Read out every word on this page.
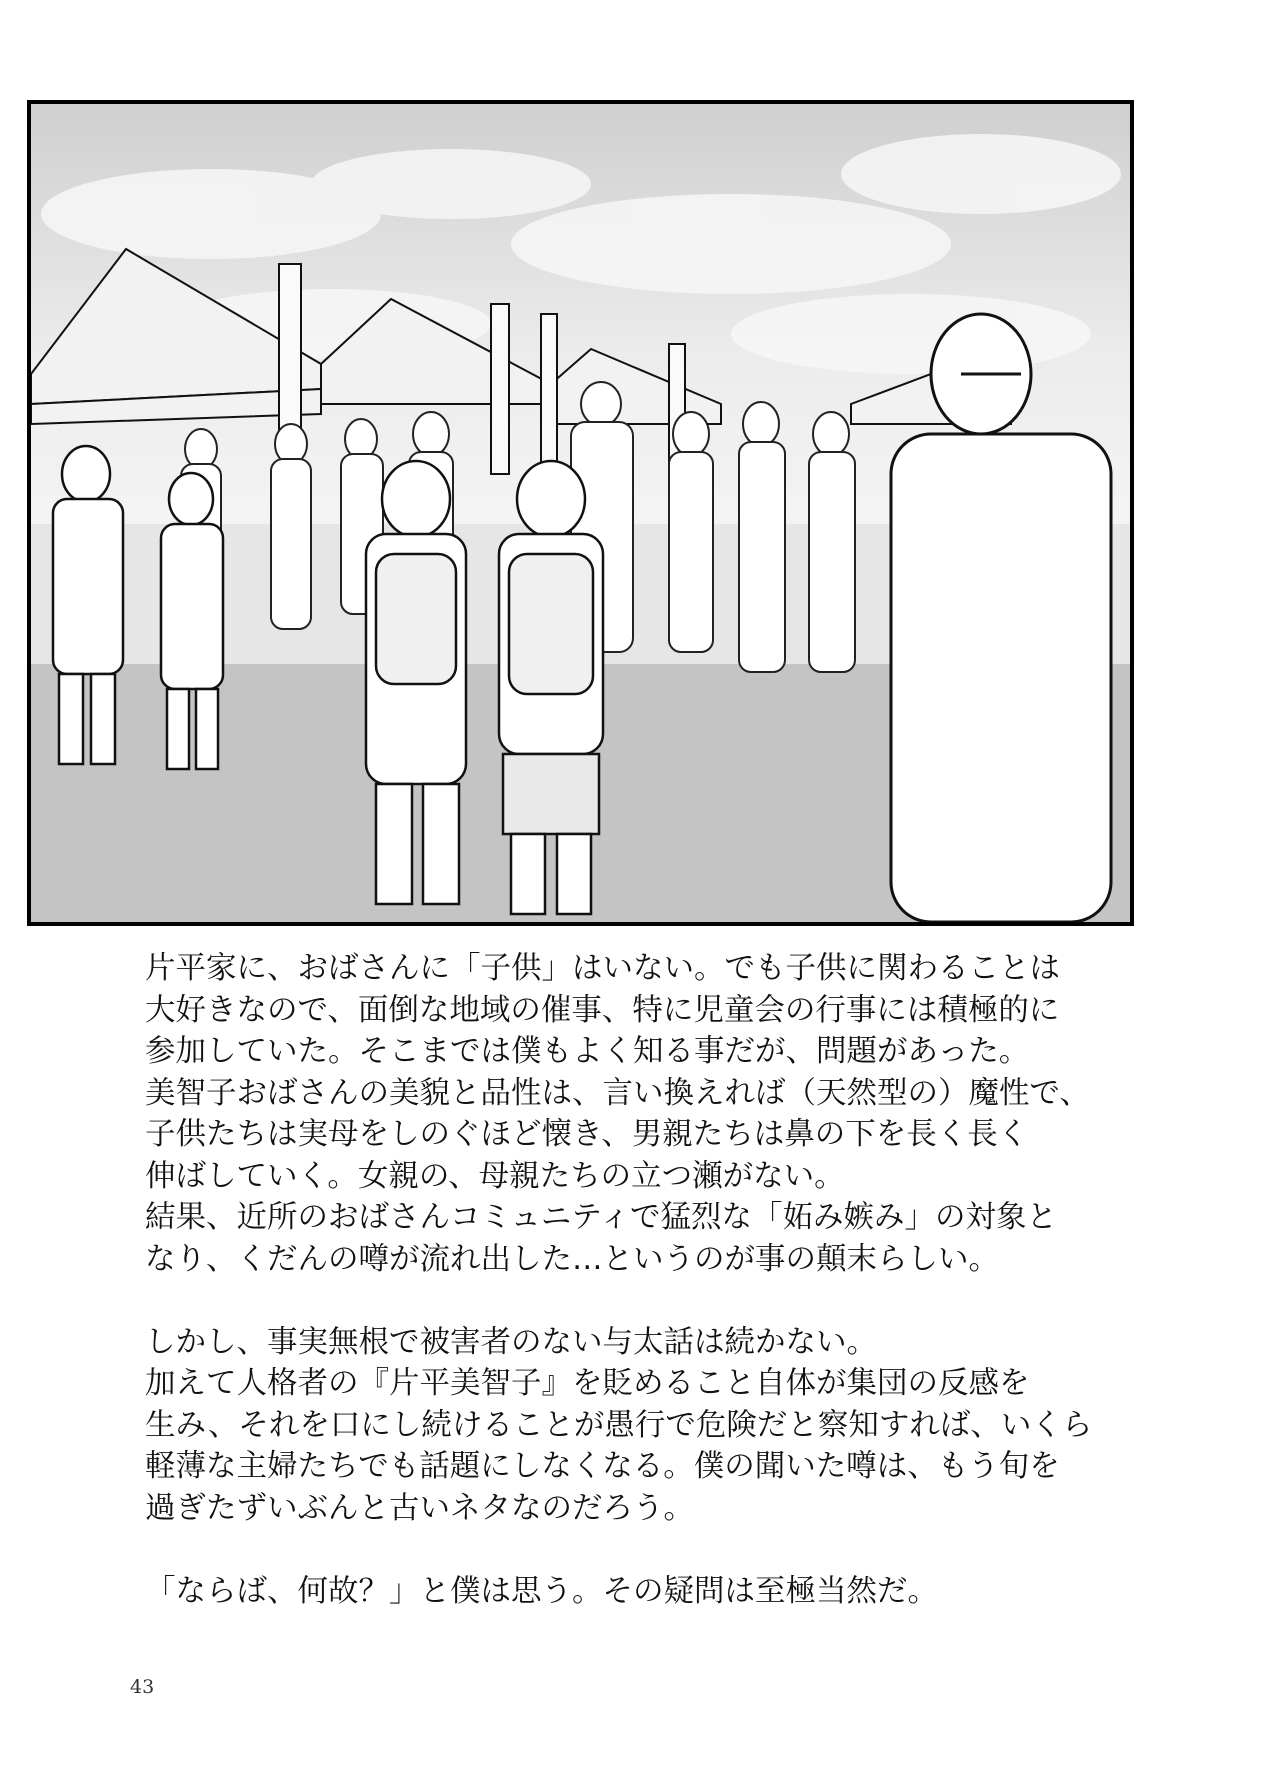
片平家に、おばさんに「子供」はいない。でも子供に関わることは
大好きなので、面倒な地域の催事、特に児童会の行事には積極的に
参加していた。そこまでは僕もよく知る事だが、問題があった。
美智子おばさんの美貌と品性は、言い換えれば（天然型の）魔性で、
子供たちは実母をしのぐほど懐き、男親たちは鼻の下を長く長く
伸ばしていく。女親の、母親たちの立つ瀬がない。
結果、近所のおばさんコミュニティで猛烈な「妬み嫉み」の対象と
なり、くだんの噂が流れ出した…というのが事の顛末らしい。

しかし、事実無根で被害者のない与太話は続かない。
加えて人格者の『片平美智子』を貶めること自体が集団の反感を
生み、それを口にし続けることが愚行で危険だと察知すれば、いくら
軽薄な主婦たちでも話題にしなくなる。僕の聞いた噂は、もう旬を
過ぎたずいぶんと古いネタなのだろう。

「ならば、何故？」と僕は思う。その疑問は至極当然だ。

43
